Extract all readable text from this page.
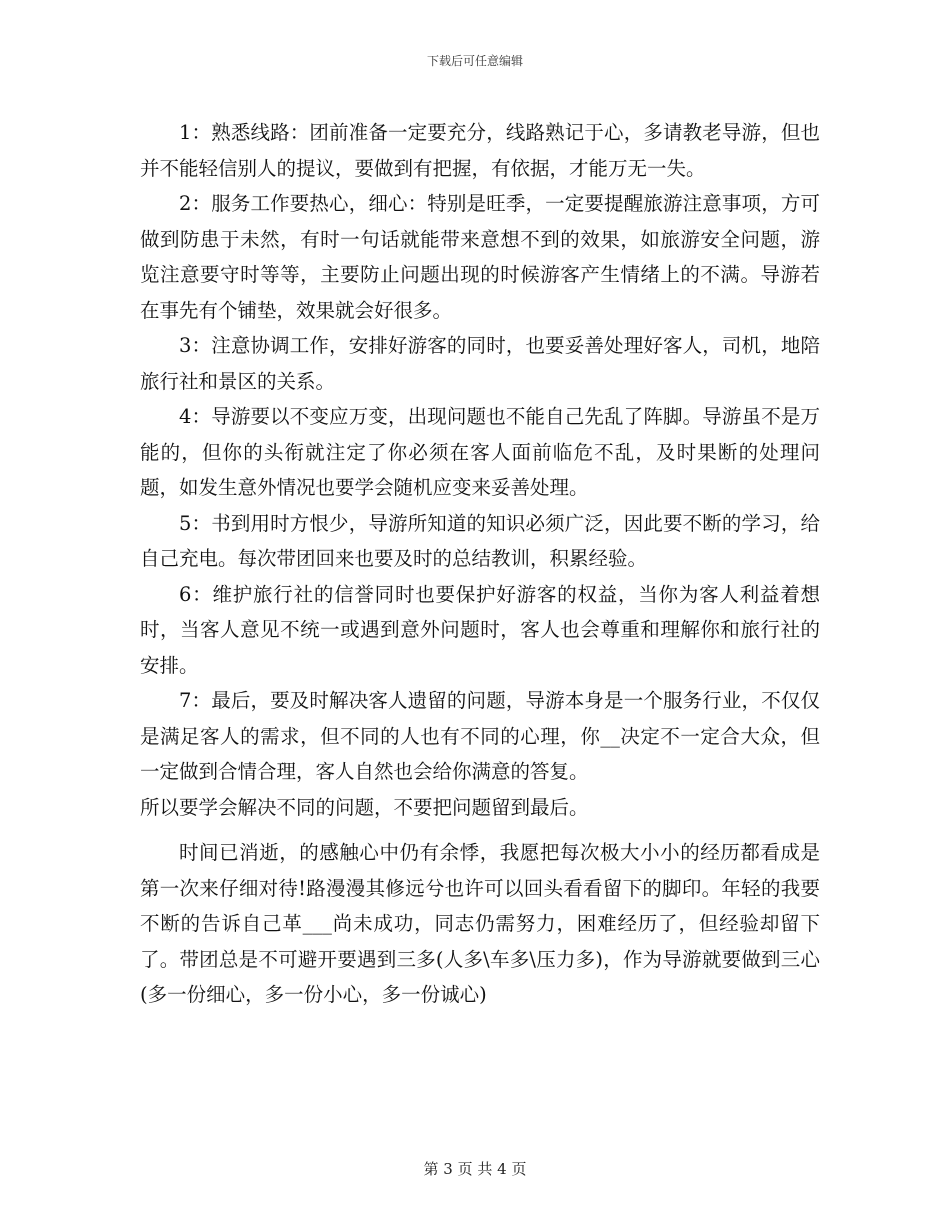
下载后可任意编辑

1：熟悉线路：团前准备一定要充分，线路熟记于心，多请教老导游，但也并不能轻信别人的提议，要做到有把握，有依据，才能万无一失。

2：服务工作要热心，细心：特别是旺季，一定要提醒旅游注意事项，方可做到防患于未然，有时一句话就能带来意想不到的效果，如旅游安全问题，游览注意要守时等等，主要防止问题出现的时候游客产生情绪上的不满。导游若在事先有个铺垫，效果就会好很多。

3：注意协调工作，安排好游客的同时，也要妥善处理好客人，司机，地陪旅行社和景区的关系。

4：导游要以不变应万变，出现问题也不能自己先乱了阵脚。导游虽不是万能的，但你的头衔就注定了你必须在客人面前临危不乱，及时果断的处理问题，如发生意外情况也要学会随机应变来妥善处理。

5：书到用时方恨少，导游所知道的知识必须广泛，因此要不断的学习，给自己充电。每次带团回来也要及时的总结教训，积累经验。

6：维护旅行社的信誉同时也要保护好游客的权益，当你为客人利益着想时，当客人意见不统一或遇到意外问题时，客人也会尊重和理解你和旅行社的安排。

7：最后，要及时解决客人遗留的问题，导游本身是一个服务行业，不仅仅是满足客人的需求，但不同的人也有不同的心理，你__决定不一定合大众，但一定做到合情合理，客人自然也会给你满意的答复。

所以要学会解决不同的问题，不要把问题留到最后。

时间已消逝，的感触心中仍有余悸，我愿把每次极大小小的经历都看成是第一次来仔细对待!路漫漫其修远兮也许可以回头看看留下的脚印。年轻的我要不断的告诉自己革___尚未成功，同志仍需努力，困难经历了，但经验却留下了。带团总是不可避开要遇到三多(人多\车多\压力多)，作为导游就要做到三心(多一份细心，多一份小心，多一份诚心)

第 3 页 共 4 页
